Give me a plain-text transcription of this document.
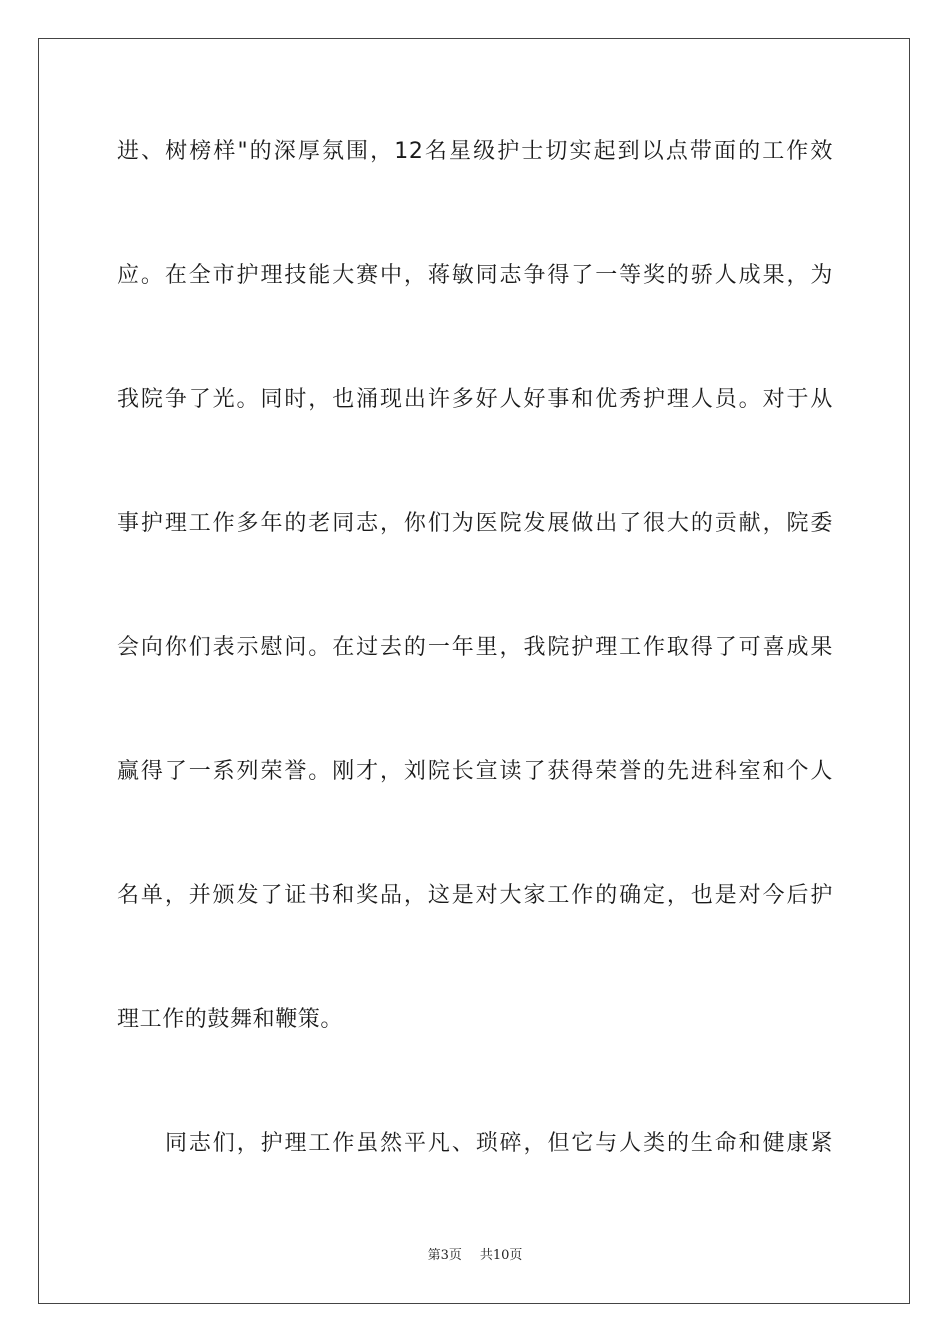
进、树榜样"的深厚氛围，12名星级护士切实起到以点带面的工作效
应。在全市护理技能大赛中，蒋敏同志争得了一等奖的骄人成果，为
我院争了光。同时，也涌现出许多好人好事和优秀护理人员。对于从
事护理工作多年的老同志，你们为医院发展做出了很大的贡献，院委
会向你们表示慰问。在过去的一年里，我院护理工作取得了可喜成果
赢得了一系列荣誉。刚才，刘院长宣读了获得荣誉的先进科室和个人
名单，并颁发了证书和奖品，这是对大家工作的确定，也是对今后护
理工作的鼓舞和鞭策。
同志们，护理工作虽然平凡、琐碎，但它与人类的生命和健康紧
第3页 共10页
